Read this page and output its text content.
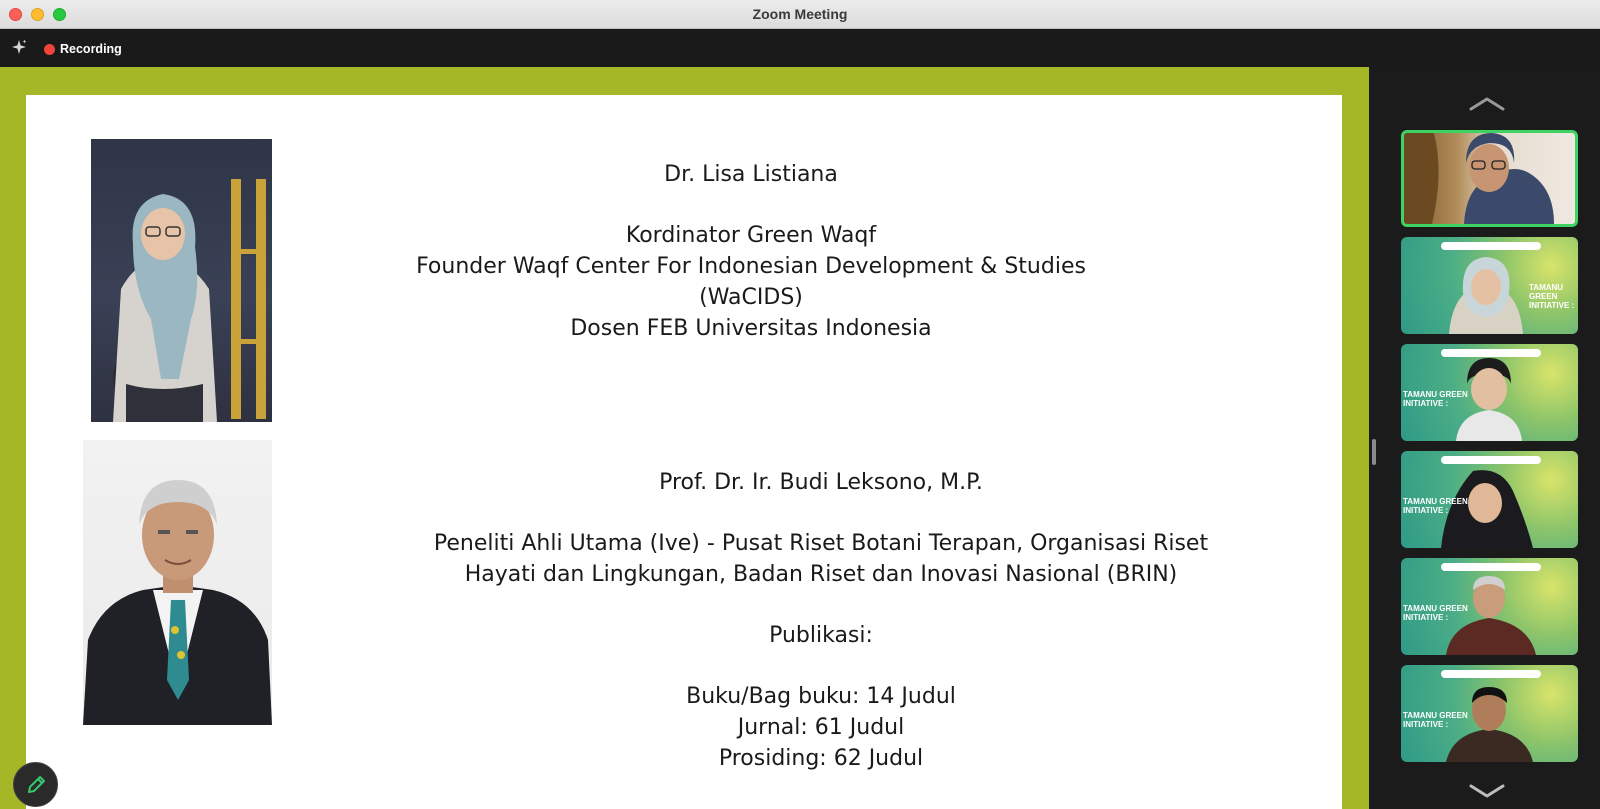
Zoom Meeting
Recording
Dr. Lisa Listiana
Kordinator Green Waqf
Founder Waqf Center For Indonesian Development & Studies
(WaCIDS)
Dosen FEB Universitas Indonesia
Prof. Dr. Ir. Budi Leksono, M.P.
Peneliti Ahli Utama (Ive) - Pusat Riset Botani Terapan, Organisasi Riset
Hayati dan Lingkungan, Badan Riset dan Inovasi Nasional (BRIN)
Publikasi:
Buku/Bag buku: 14 Judul
Jurnal: 61 Judul
Prosiding: 62 Judul
TAMANU GREEN
INITIATIVE :
TAMANU GREEN
INITIATIVE :
TAMANU GREEN
INITIATIVE :
TAMANU GREEN
INITIATIVE :
TAMANU GREEN
INITIATIVE :
